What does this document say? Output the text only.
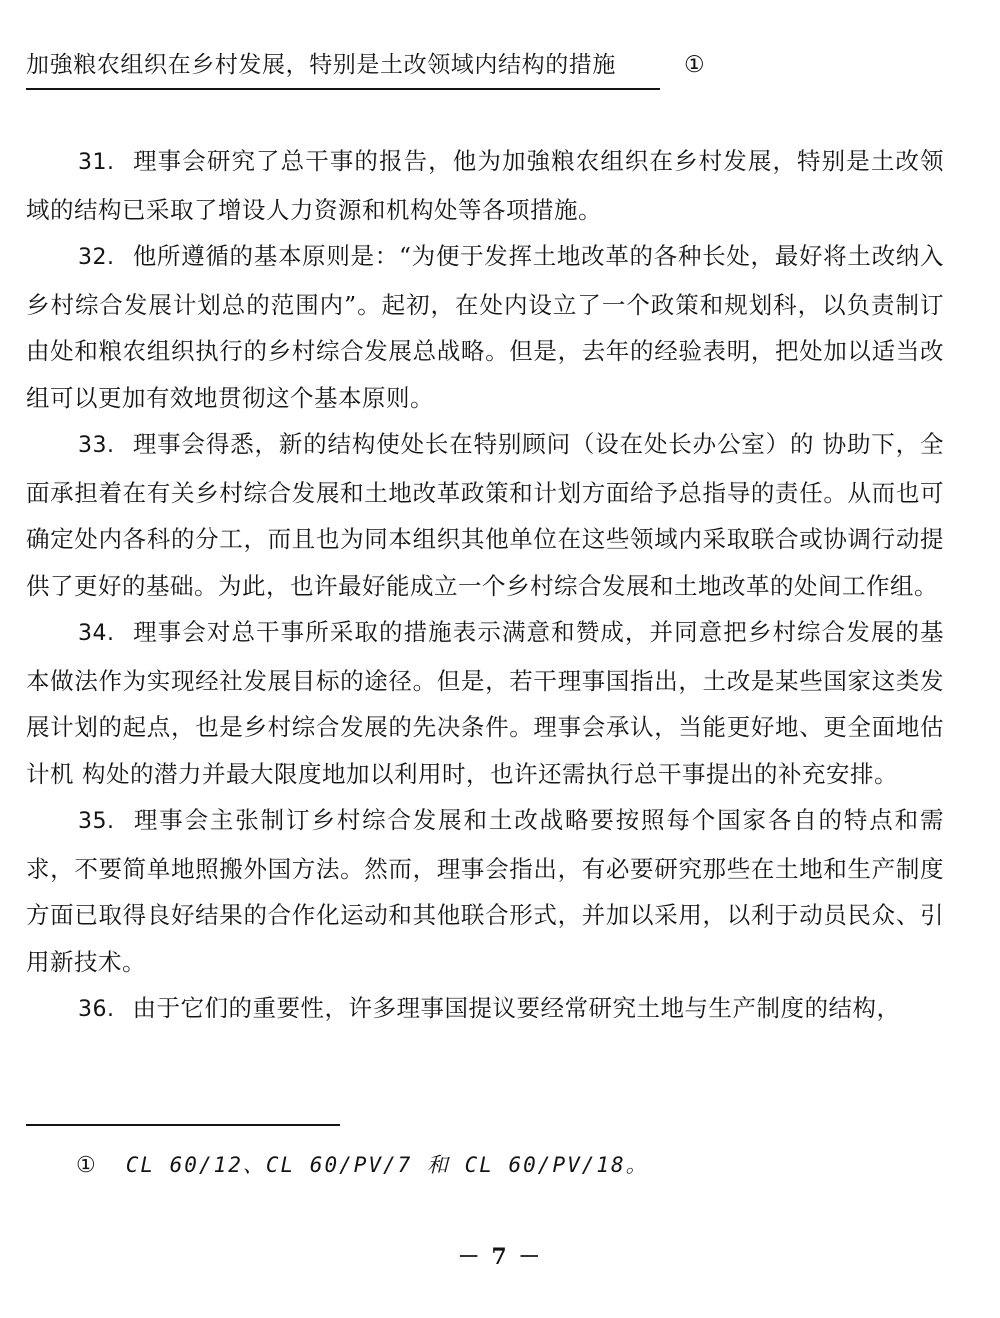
加強粮农组织在乡村发展，特别是土改领域内结构的措施	①

31. 理事会研究了总干事的报告，他为加強粮农组织在乡村发展，特别是土改领域的结构已采取了增设人力资源和机构处等各项措施。

32. 他所遵循的基本原则是：“为便于发挥土地改革的各种长处，最好将土改纳入乡村综合发展计划总的范围内”。起初，在处内设立了一个政策和规划科，以负责制订由处和粮农组织执行的乡村综合发展总战略。但是，去年的经验表明，把处加以适当改组可以更加有效地贯彻这个基本原则。

33. 理事会得悉，新的结构使处长在特别顾问（设在处长办公室）的 协助下，全面承担着在有关乡村综合发展和土地改革政策和计划方面给予总指导的责任。从而也可确定处内各科的分工，而且也为同本组织其他单位在这些领域内采取联合或协调行动提供了更好的基础。为此，也许最好能成立一个乡村综合发展和土地改革的处间工作组。

34. 理事会对总干事所采取的措施表示满意和赞成，并同意把乡村综合发展的基本做法作为实现经社发展目标的途径。但是，若干理事国指出，土改是某些国家这类发展计划的起点，也是乡村综合发展的先决条件。理事会承认，当能更好地、更全面地估计机 构处的潜力并最大限度地加以利用时，也许还需执行总干事提出的补充安排。

35. 理事会主张制订乡村综合发展和土改战略要按照每个国家各自的特点和需求，不要简单地照搬外国方法。然而，理事会指出，有必要研究那些在土地和生产制度方面已取得良好结果的合作化运动和其他联合形式，并加以采用，以利于动员民众、引用新技术。

36. 由于它们的重要性，许多理事国提议要经常研究土地与生产制度的结构，

① CL 60/12、CL 60/PV/7 和 CL 60/PV/18。
－ 7 －
